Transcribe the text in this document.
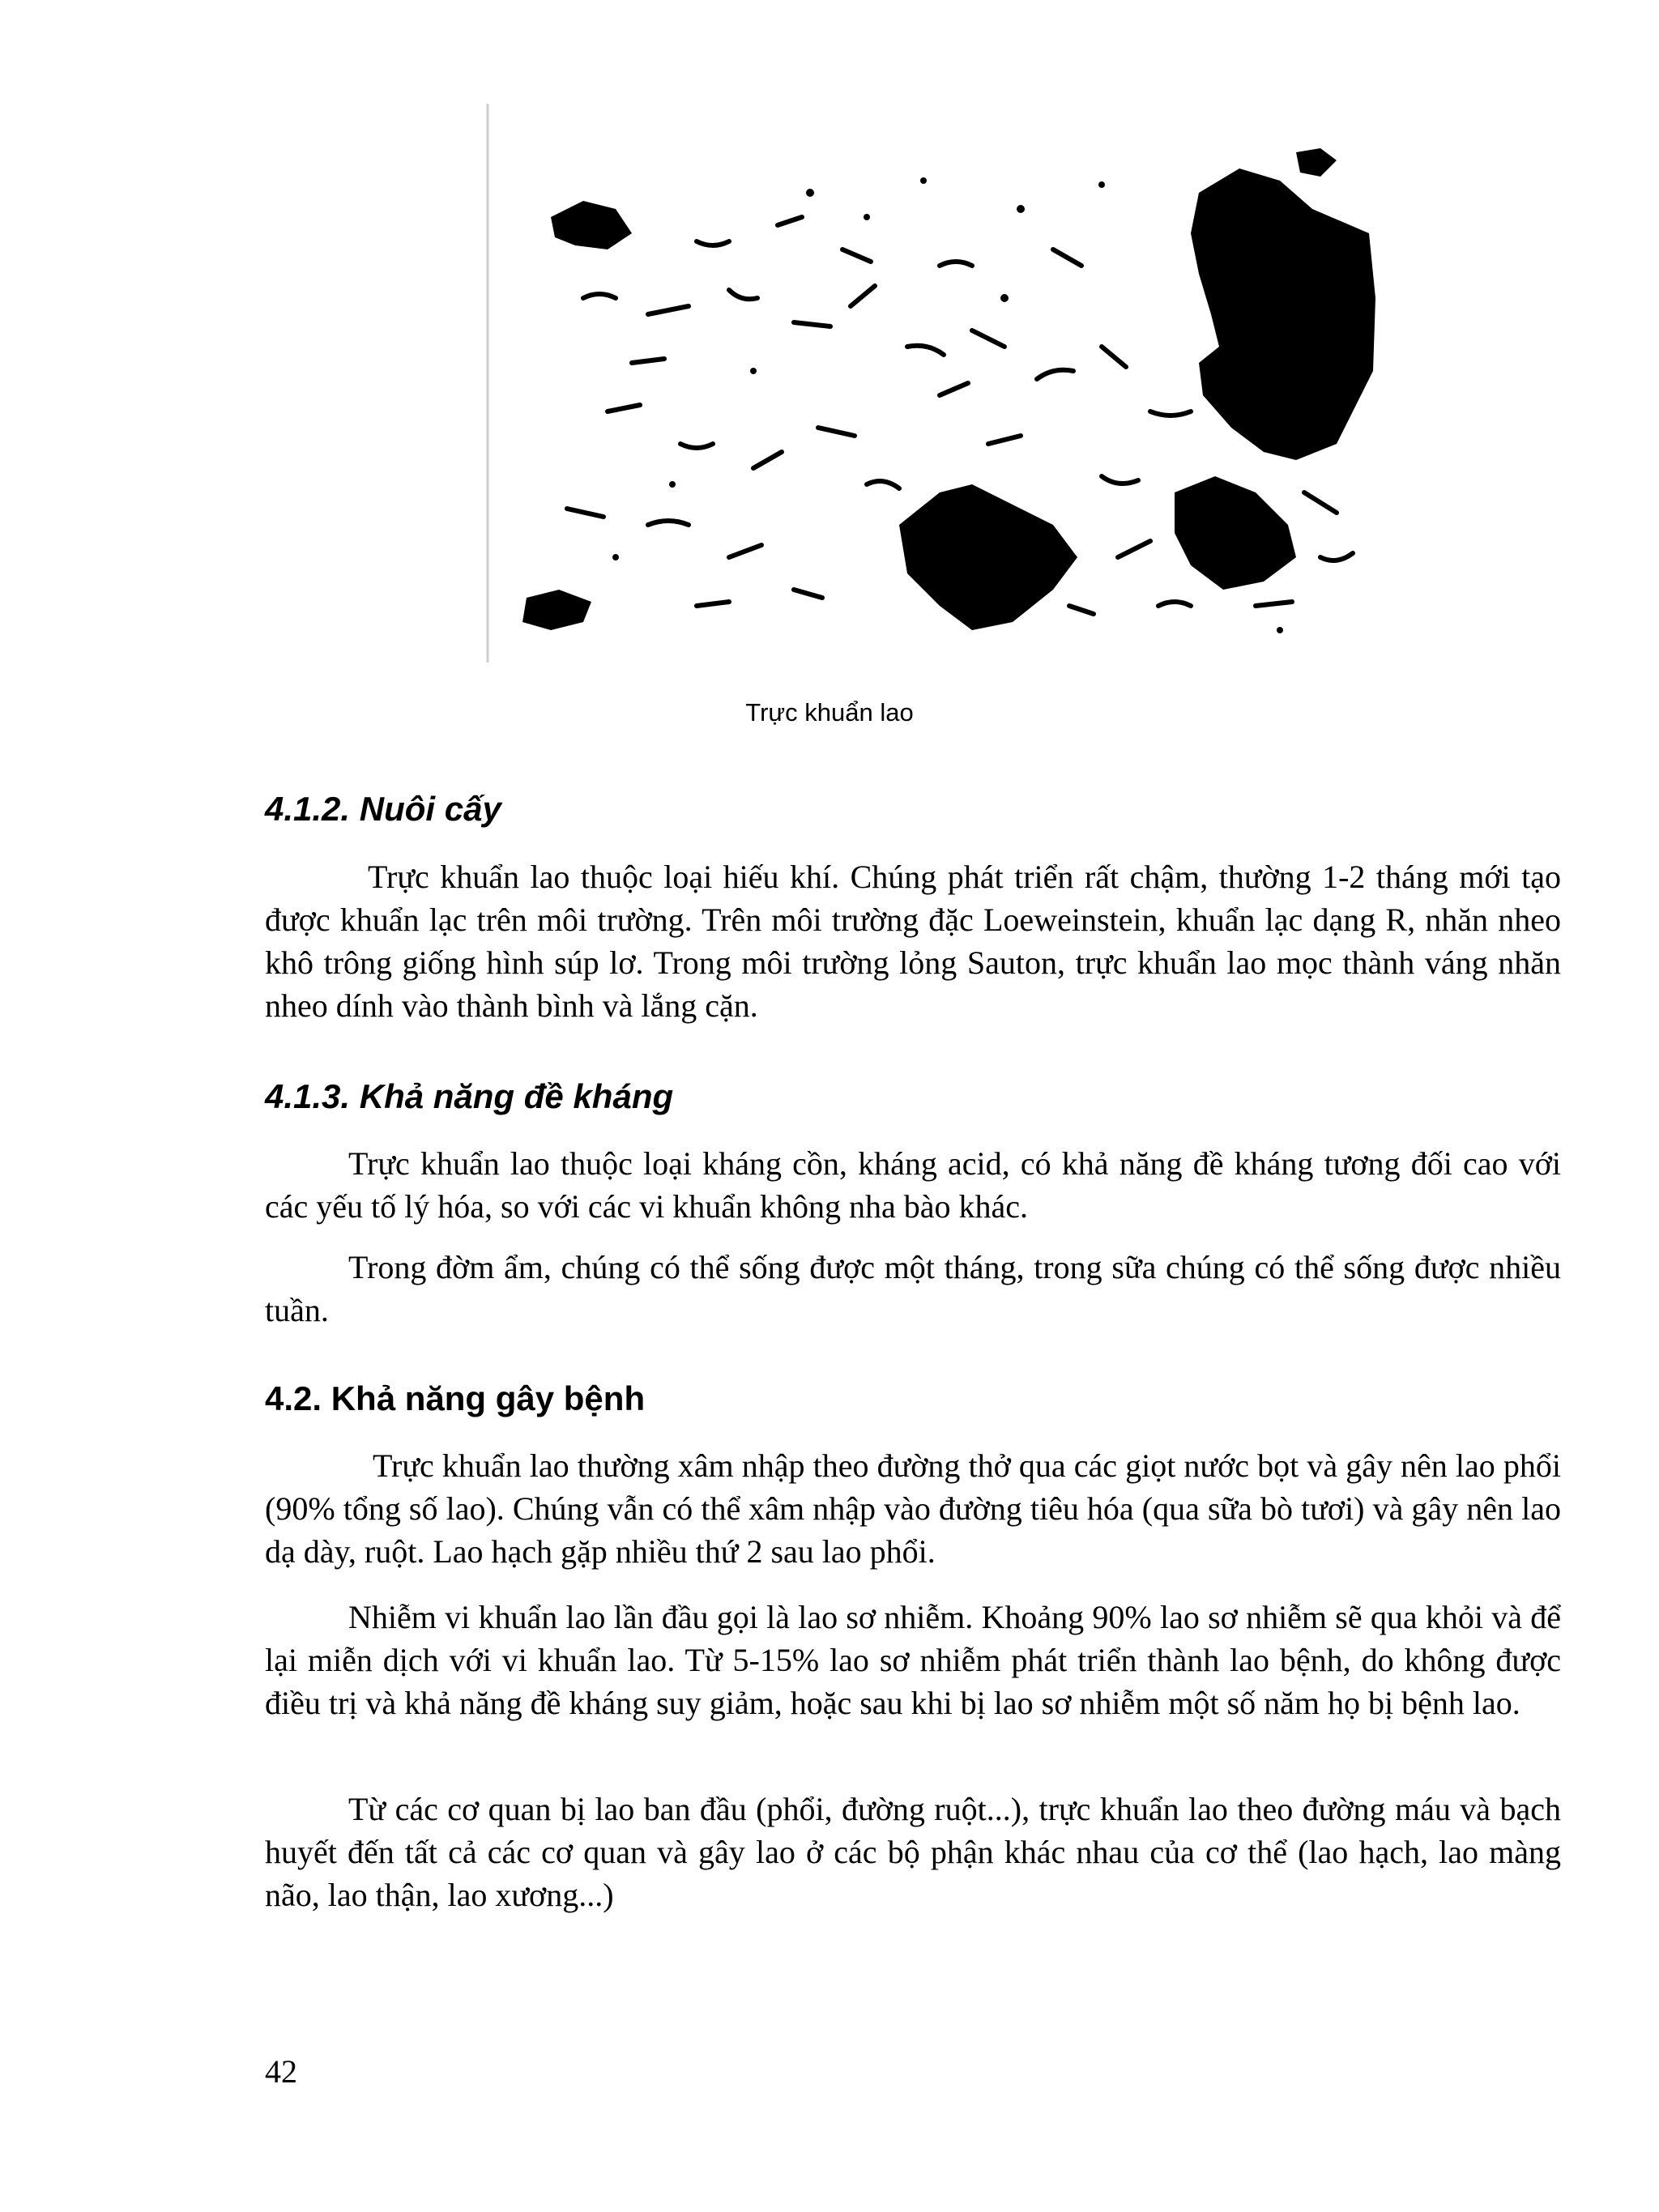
Trực khuẩn lao
4.1.2. Nuôi cấy

Trực khuẩn lao thuộc loại hiếu khí. Chúng phát triển rất chậm, thường 1-2 tháng mới tạo được khuẩn lạc trên môi trường. Trên môi trường đặc Loeweinstein, khuẩn lạc dạng R, nhăn nheo khô trông giống hình súp lơ. Trong môi trường lỏng Sauton, trực khuẩn lao mọc thành váng nhăn nheo dính vào thành bình và lắng cặn.

4.1.3. Khả năng đề kháng

Trực khuẩn lao thuộc loại kháng cồn, kháng acid, có khả năng đề kháng tương đối cao với các yếu tố lý hóa, so với các vi khuẩn không nha bào khác.

Trong đờm ẩm, chúng có thể sống được một tháng, trong sữa chúng có thể sống được nhiều tuần.

4.2. Khả năng gây bệnh

Trực khuẩn lao thường xâm nhập theo đường thở qua các giọt nước bọt và gây nên lao phổi (90% tổng số lao). Chúng vẫn có thể xâm nhập vào đường tiêu hóa (qua sữa bò tươi) và gây nên lao dạ dày, ruột. Lao hạch gặp nhiều thứ 2 sau lao phổi.

Nhiễm vi khuẩn lao lần đầu gọi là lao sơ nhiễm. Khoảng 90% lao sơ nhiễm sẽ qua khỏi và để lại miễn dịch với vi khuẩn lao. Từ 5-15% lao sơ nhiễm phát triển thành lao bệnh, do không được điều trị và khả năng đề kháng suy giảm, hoặc sau khi bị lao sơ nhiễm một số năm họ bị bệnh lao.

Từ các cơ quan bị lao ban đầu (phổi, đường ruột...), trực khuẩn lao theo đường máu và bạch huyết đến tất cả các cơ quan và gây lao ở các bộ phận khác nhau của cơ thể (lao hạch, lao màng não, lao thận, lao xương...)

42
